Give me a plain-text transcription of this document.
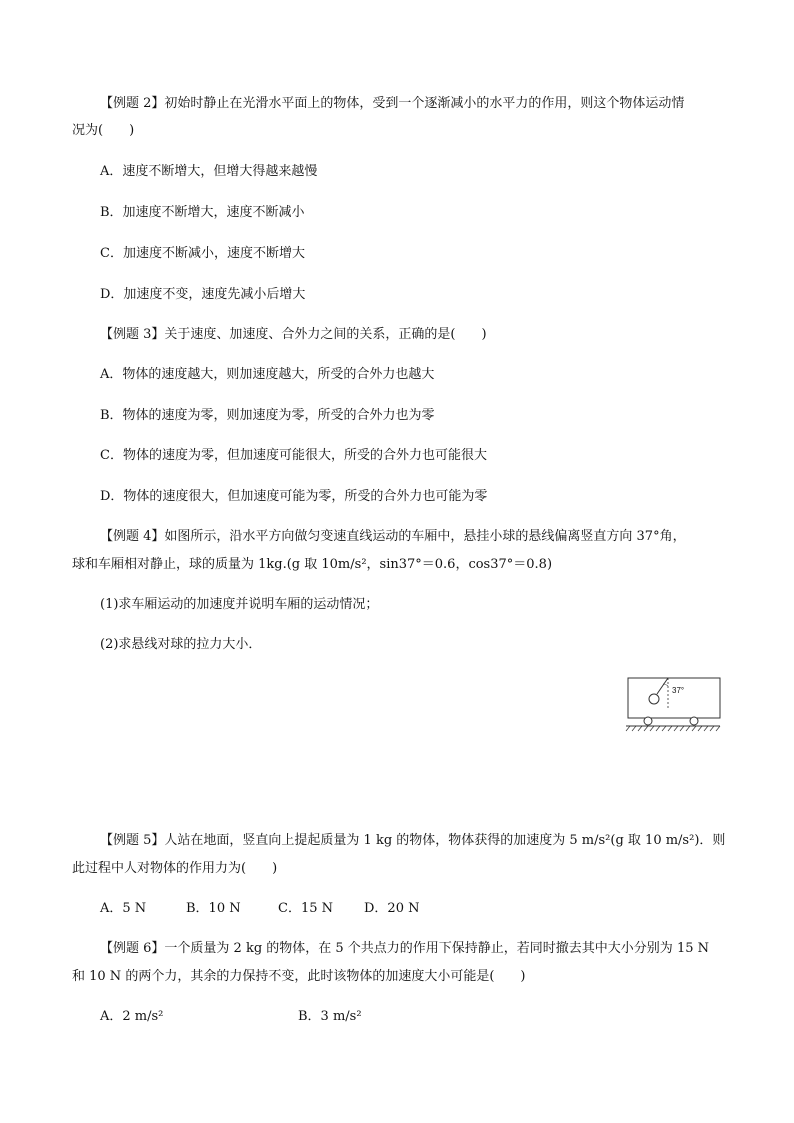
【例题 2】初始时静止在光滑水平面上的物体，受到一个逐渐减小的水平力的作用，则这个物体运动情
况为(　　)
A．速度不断增大，但增大得越来越慢
B．加速度不断增大，速度不断减小
C．加速度不断减小，速度不断增大
D．加速度不变，速度先减小后增大
【例题 3】关于速度、加速度、合外力之间的关系，正确的是(　　)
A．物体的速度越大，则加速度越大，所受的合外力也越大
B．物体的速度为零，则加速度为零，所受的合外力也为零
C．物体的速度为零，但加速度可能很大，所受的合外力也可能很大
D．物体的速度很大，但加速度可能为零，所受的合外力也可能为零
【例题 4】如图所示，沿水平方向做匀变速直线运动的车厢中，悬挂小球的悬线偏离竖直方向 37°角，
球和车厢相对静止，球的质量为 1kg.(g 取 10m/s²，sin37°＝0.6，cos37°＝0.8)
(1)求车厢运动的加速度并说明车厢的运动情况；
(2)求悬线对球的拉力大小．
37°
【例题 5】人站在地面，竖直向上提起质量为 1 kg 的物体，物体获得的加速度为 5 m/s²(g 取 10 m/s²)．则
此过程中人对物体的作用力为(　　)
A．5 N	B．10 N	C．15 N D．20 N
【例题 6】一个质量为 2 kg 的物体，在 5 个共点力的作用下保持静止，若同时撤去其中大小分别为 15 N
和 10 N 的两个力，其余的力保持不变，此时该物体的加速度大小可能是(　　)
A．2 m/s²	B．3 m/s²
